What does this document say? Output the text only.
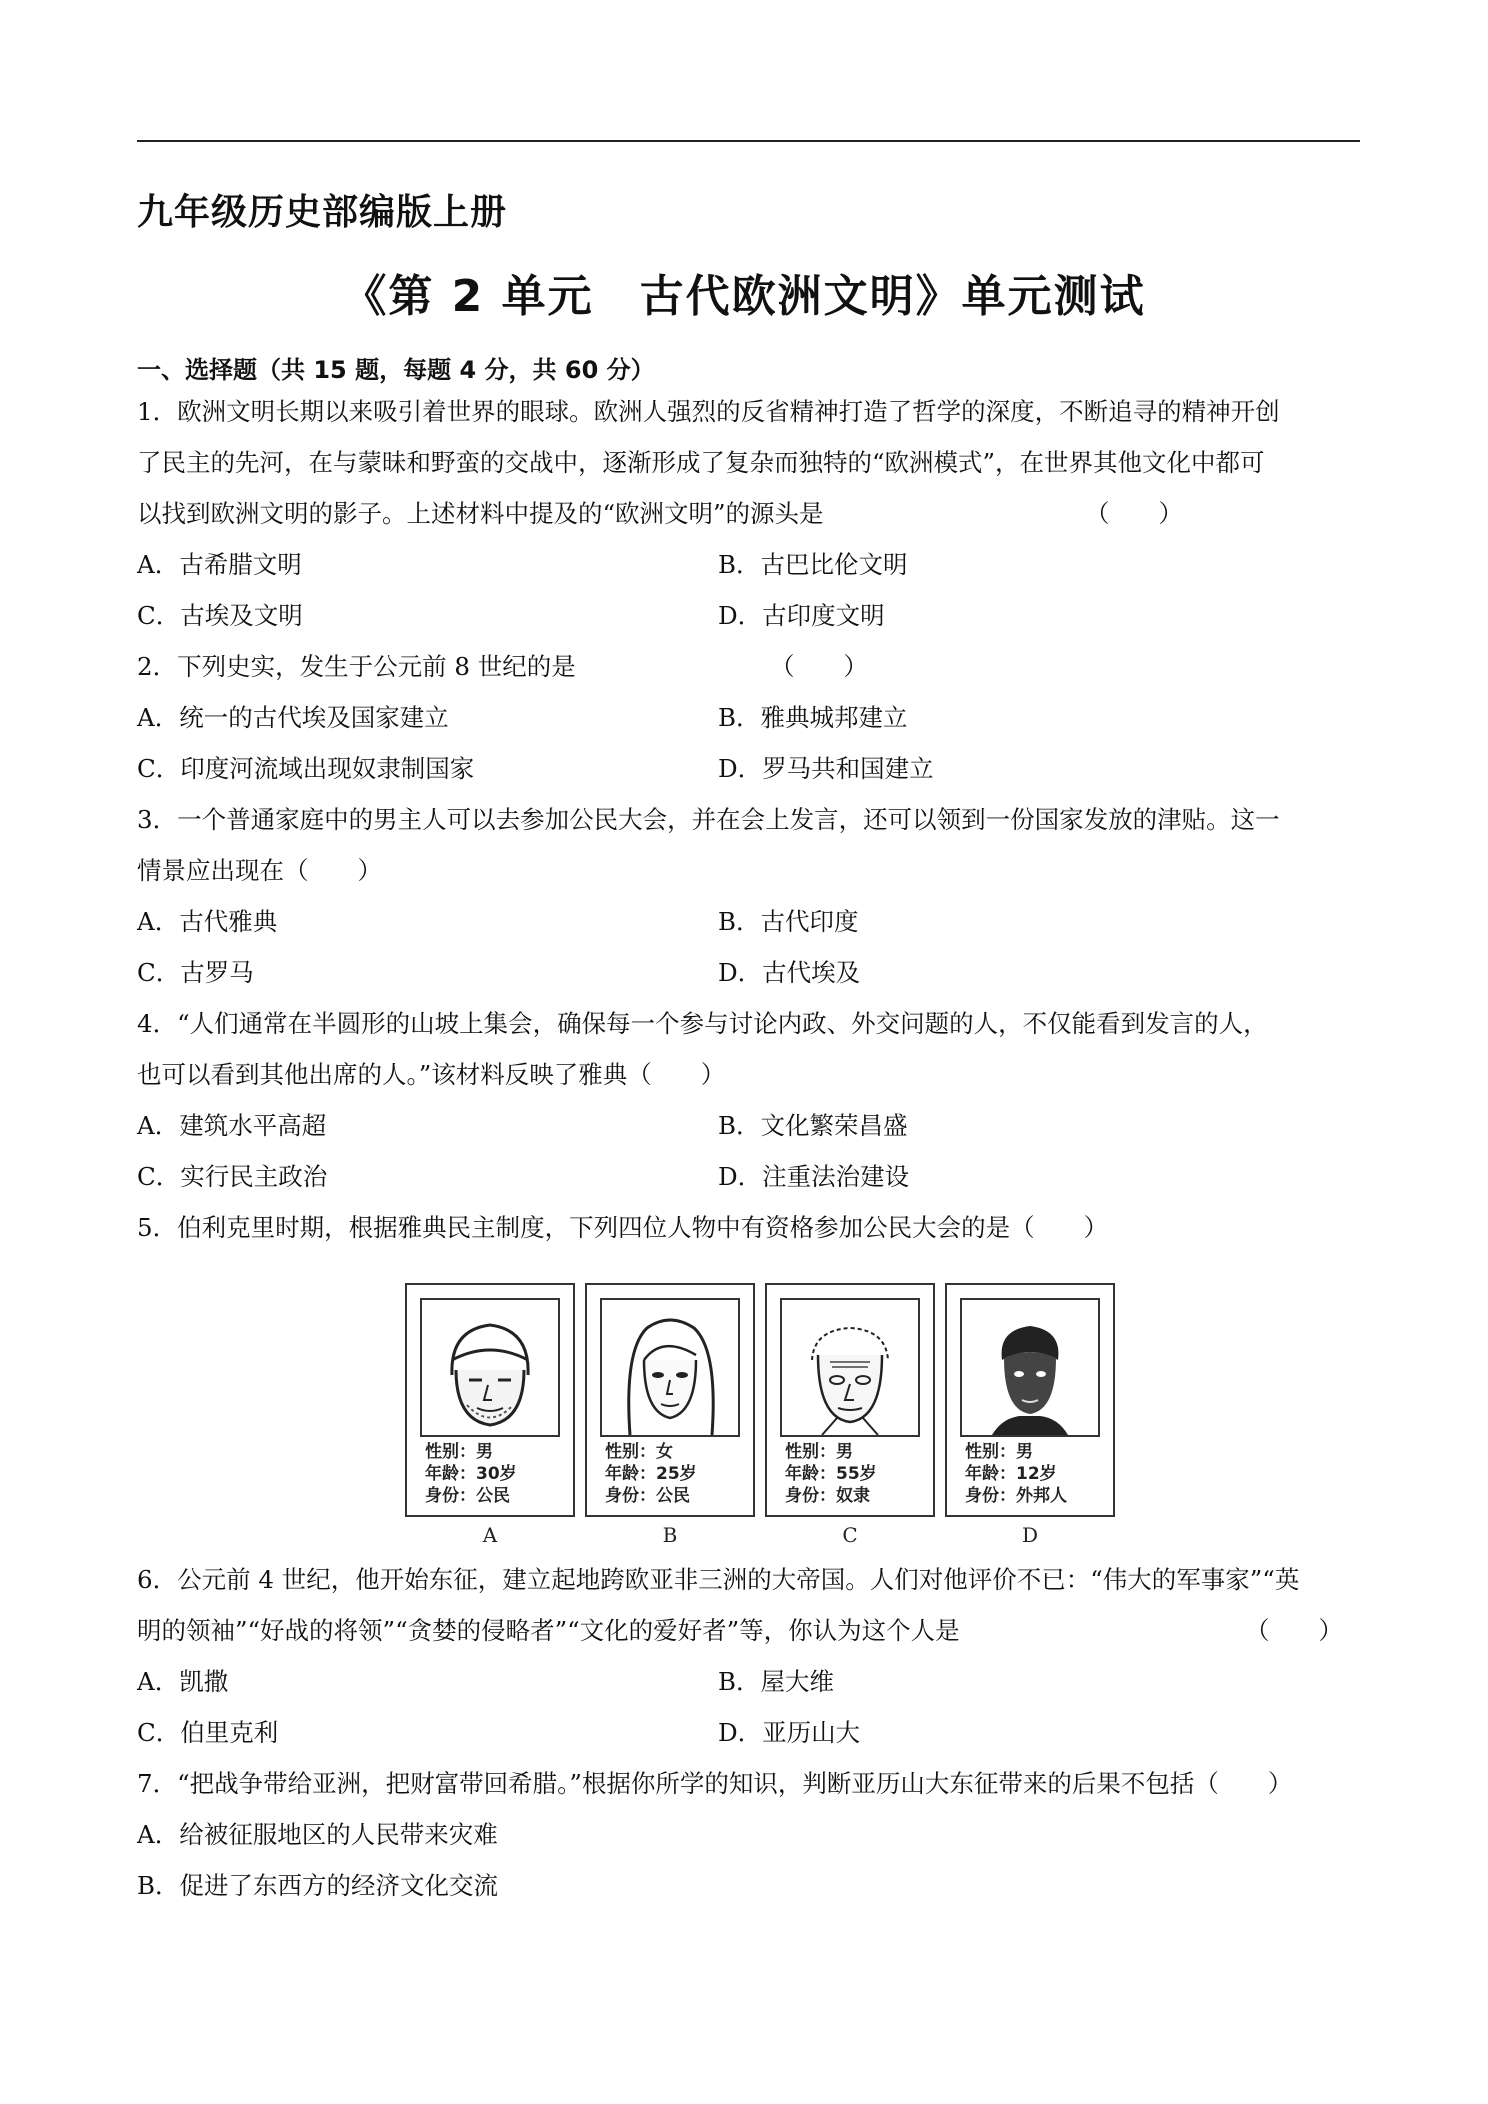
九年级历史部编版上册
《第 2 单元　古代欧洲文明》单元测试
一、选择题（共 15 题，每题 4 分，共 60 分）
1．欧洲文明长期以来吸引着世界的眼球。欧洲人强烈的反省精神打造了哲学的深度，不断追寻的精神开创
了民主的先河，在与蒙昧和野蛮的交战中，逐渐形成了复杂而独特的“欧洲模式”，在世界其他文化中都可
以找到欧洲文明的影子。上述材料中提及的“欧洲文明”的源头是	（　　）
A．古希腊文明	B．古巴比伦文明
C．古埃及文明	D．古印度文明
2．下列史实，发生于公元前 8 世纪的是	（　　）
A．统一的古代埃及国家建立	B．雅典城邦建立
C．印度河流域出现奴隶制国家	D．罗马共和国建立
3．一个普通家庭中的男主人可以去参加公民大会，并在会上发言，还可以领到一份国家发放的津贴。这一
情景应出现在（　　）
A．古代雅典	B．古代印度
C．古罗马	D．古代埃及
4．“人们通常在半圆形的山坡上集会，确保每一个参与讨论内政、外交问题的人，不仅能看到发言的人，
也可以看到其他出席的人。”该材料反映了雅典（　　）
A．建筑水平高超	B．文化繁荣昌盛
C．实行民主政治	D．注重法治建设
5．伯利克里时期，根据雅典民主制度，下列四位人物中有资格参加公民大会的是（　　）
性别：男
年龄：30岁
身份：公民
A
性别：女
年龄：25岁
身份：公民
B
性别：男
年龄：55岁
身份：奴隶
C
性别：男
年龄：12岁
身份：外邦人
D
6．公元前 4 世纪，他开始东征，建立起地跨欧亚非三洲的大帝国。人们对他评价不已：“伟大的军事家”“英
明的领袖”“好战的将领”“贪婪的侵略者”“文化的爱好者”等，你认为这个人是	（　　）
A．凯撒	B．屋大维
C．伯里克利	D．亚历山大
7．“把战争带给亚洲，把财富带回希腊。”根据你所学的知识，判断亚历山大东征带来的后果不包括（　　）
A．给被征服地区的人民带来灾难
B．促进了东西方的经济文化交流
